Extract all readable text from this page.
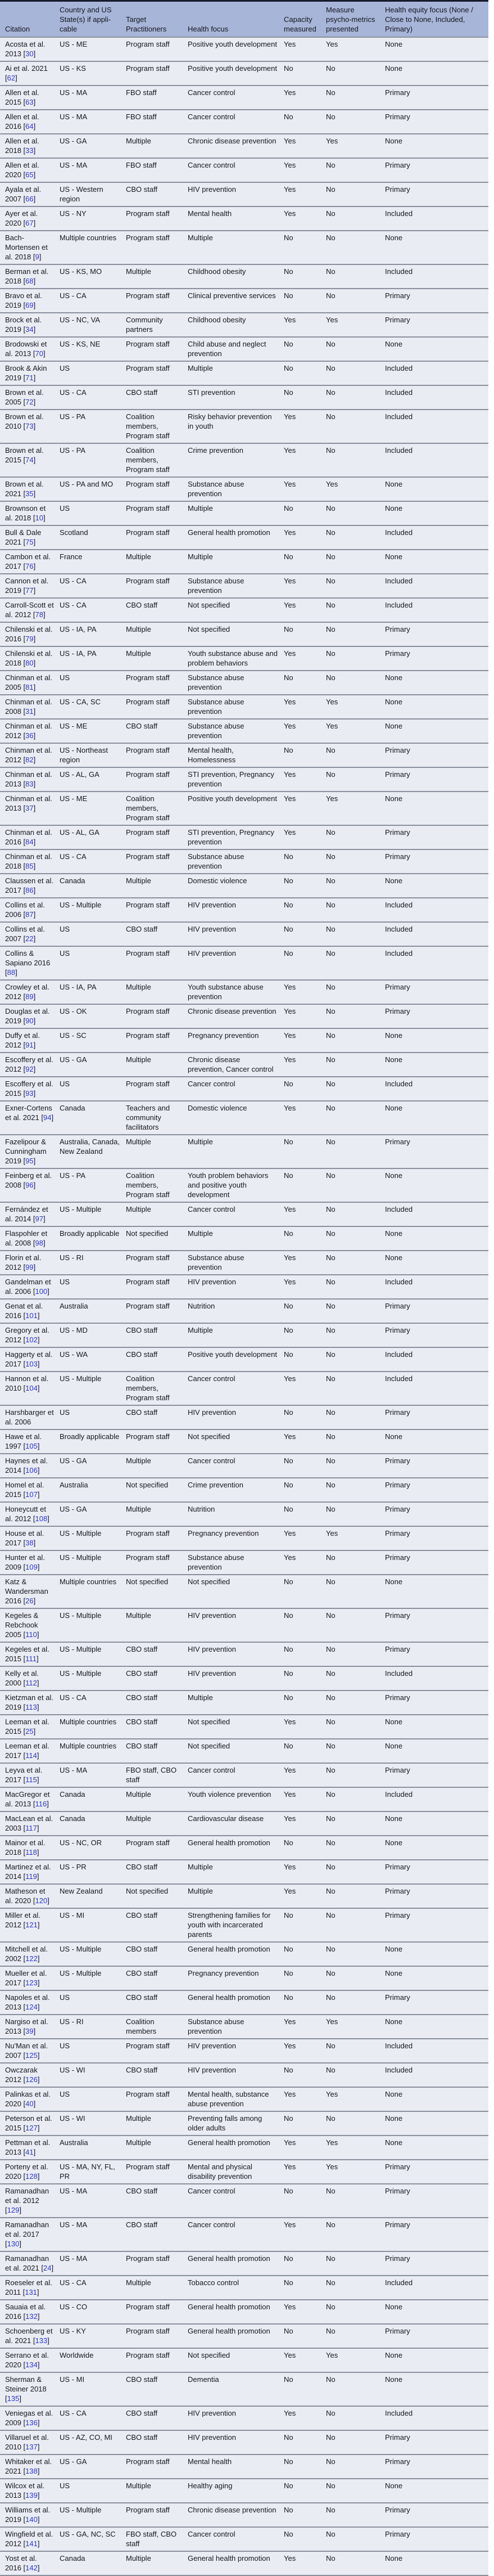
Citation	Country and US State(s) if applicable	Target Practitioners	Health focus	Capacity measured	Measure psycho-metrics presented	Health equity focus (None / Close to None, Included, Primary)
Acosta et al. 2013 [30]	US - ME	Program staff	Positive youth development	Yes	Yes	None
Ai et al. 2021 [62]	US - KS	Program staff	Positive youth development	No	No	None
Allen et al. 2015 [63]	US - MA	FBO staff	Cancer control	Yes	No	Primary
Allen et al. 2016 [64]	US - MA	FBO staff	Cancer control	No	No	Primary
Allen et al. 2018 [33]	US - GA	Multiple	Chronic disease prevention	Yes	Yes	None
Allen et al. 2020 [65]	US - MA	FBO staff	Cancer control	Yes	No	Primary
Ayala et al. 2007 [66]	US - Western region	CBO staff	HIV prevention	Yes	No	Primary
Ayer et al. 2020 [67]	US - NY	Program staff	Mental health	Yes	No	Included
Bach-Mortensen et al. 2018 [9]	Multiple countries	Program staff	Multiple	No	No	None
Berman et al. 2018 [68]	US - KS, MO	Multiple	Childhood obesity	No	No	Included
Bravo et al. 2019 [69]	US - CA	Program staff	Clinical preventive services	No	No	Primary
Brock et al. 2019 [34]	US - NC, VA	Community partners	Childhood obesity	Yes	Yes	Primary
Brodowski et al. 2013 [70]	US - KS, NE	Program staff	Child abuse and neglect prevention	No	No	None
Brook & Akin 2019 [71]	US	Program staff	Multiple	No	No	Included
Brown et al. 2005 [72]	US - CA	CBO staff	STI prevention	No	No	Included
Brown et al. 2010 [73]	US - PA	Coalition members, Program staff	Risky behavior prevention in youth	Yes	No	Included
Brown et al. 2015 [74]	US - PA	Coalition members, Program staff	Crime prevention	Yes	No	Included
Brown et al. 2021 [35]	US - PA and MO	Program staff	Substance abuse prevention	Yes	Yes	None
Brownson et al. 2018 [10]	US	Program staff	Multiple	No	No	None
Bull & Dale 2021 [75]	Scotland	Program staff	General health promotion	Yes	No	Included
Cambon et al. 2017 [76]	France	Multiple	Multiple	No	No	None
Cannon et al. 2019 [77]	US - CA	Program staff	Substance abuse prevention	Yes	No	Included
Carroll-Scott et al. 2012 [78]	US - CA	CBO staff	Not specified	Yes	No	Included
Chilenski et al. 2016 [79]	US - IA, PA	Multiple	Not specified	No	No	Primary
Chilenski et al. 2018 [80]	US - IA, PA	Multiple	Youth substance abuse and problem behaviors	Yes	No	Primary
Chinman et al. 2005 [81]	US	Program staff	Substance abuse prevention	No	No	None
Chinman et al. 2008 [31]	US - CA, SC	Program staff	Substance abuse prevention	Yes	Yes	None
Chinman et al. 2012 [36]	US - ME	CBO staff	Substance abuse prevention	Yes	Yes	None
Chinman et al. 2012 [82]	US - Northeast region	Program staff	Mental health, Homelessness	No	No	Primary
Chinman et al. 2013 [83]	US - AL, GA	Program staff	STI prevention, Pregnancy prevention	Yes	No	Primary
Chinman et al. 2013 [37]	US - ME	Coalition members, Program staff	Positive youth development	Yes	Yes	None
Chinman et al. 2016 [84]	US - AL, GA	Program staff	STI prevention, Pregnancy prevention	Yes	No	Primary
Chinman et al. 2018 [85]	US - CA	Program staff	Substance abuse prevention	No	No	Primary
Claussen et al. 2017 [86]	Canada	Multiple	Domestic violence	No	No	None
Collins et al. 2006 [87]	US - Multiple	Program staff	HIV prevention	No	No	Included
Collins et al. 2007 [22]	US	CBO staff	HIV prevention	No	No	Included
Collins & Sapiano 2016 [88]	US	Program staff	HIV prevention	No	No	Included
Crowley et al. 2012 [89]	US - IA, PA	Multiple	Youth substance abuse prevention	Yes	No	Primary
Douglas et al. 2019 [90]	US - OK	Program staff	Chronic disease prevention	Yes	No	Primary
Duffy et al. 2012 [91]	US - SC	Program staff	Pregnancy prevention	Yes	No	None
Escoffery et al. 2012 [92]	US - GA	Multiple	Chronic disease prevention, Cancer control	Yes	No	None
Escoffery et al. 2015 [93]	US	Program staff	Cancer control	No	No	Included
Exner-Cortens et al. 2021 [94]	Canada	Teachers and community facilitators	Domestic violence	Yes	No	None
Fazelipour & Cunningham 2019 [95]	Australia, Canada, New Zealand	Multiple	Multiple	No	No	Primary
Feinberg et al. 2008 [96]	US - PA	Coalition members, Program staff	Youth problem behaviors and positive youth development	No	No	None
Fernández et al. 2014 [97]	US - Multiple	Multiple	Cancer control	Yes	No	Included
Flaspohler et al. 2008 [98]	Broadly applicable	Not specified	Multiple	No	No	None
Florin et al. 2012 [99]	US - RI	Program staff	Substance abuse prevention	Yes	No	None
Gandelman et al. 2006 [100]	US	Program staff	HIV prevention	Yes	No	Included
Genat et al. 2016 [101]	Australia	Program staff	Nutrition	No	No	Primary
Gregory et al. 2012 [102]	US - MD	CBO staff	Multiple	No	No	Primary
Haggerty et al. 2017 [103]	US - WA	CBO staff	Positive youth development	No	No	Included
Hannon et al. 2010 [104]	US - Multiple	Coalition members, Program staff	Cancer control	Yes	No	Included
Harshbarger et al. 2006	US	CBO staff	HIV prevention	No	No	Primary
Hawe et al. 1997 [105]	Broadly applicable	Program staff	Not specified	Yes	No	None
Haynes et al. 2014 [106]	US - GA	Multiple	Cancer control	No	No	Primary
Homel et al. 2015 [107]	Australia	Not specified	Crime prevention	No	No	Primary
Honeycutt et al. 2012 [108]	US - GA	Multiple	Nutrition	No	No	Primary
House et al. 2017 [38]	US - Multiple	Program staff	Pregnancy prevention	Yes	Yes	Primary
Hunter et al. 2009 [109]	US - Multiple	Program staff	Substance abuse prevention	Yes	No	Primary
Katz & Wandersman 2016 [26]	Multiple countries	Not specified	Not specified	No	No	None
Kegeles & Rebchook 2005 [110]	US - Multiple	Multiple	HIV prevention	No	No	Primary
Kegeles et al. 2015 [111]	US - Multiple	CBO staff	HIV prevention	No	No	Primary
Kelly et al. 2000 [112]	US - Multiple	CBO staff	HIV prevention	No	No	Included
Kietzman et al. 2019 [113]	US - CA	CBO staff	Multiple	No	No	Primary
Leeman et al. 2015 [25]	Multiple countries	CBO staff	Not specified	Yes	No	None
Leeman et al. 2017 [114]	Multiple countries	CBO staff	Not specified	No	No	None
Leyva et al. 2017 [115]	US - MA	FBO staff, CBO staff	Cancer control	Yes	No	Primary
MacGregor et al. 2013 [116]	Canada	Multiple	Youth violence prevention	Yes	No	Included
MacLean et al. 2003 [117]	Canada	Multiple	Cardiovascular disease	Yes	No	None
Mainor et al. 2018 [118]	US - NC, OR	Program staff	General health promotion	No	No	None
Martinez et al. 2014 [119]	US - PR	CBO staff	Multiple	Yes	No	Primary
Matheson et al. 2020 [120]	New Zealand	Not specified	Multiple	Yes	No	Primary
Miller et al. 2012 [121]	US - MI	CBO staff	Strengthening families for youth with incarcerated parents	No	No	Primary
Mitchell et al. 2002 [122]	US - Multiple	CBO staff	General health promotion	No	No	None
Mueller et al. 2017 [123]	US - Multiple	CBO staff	Pregnancy prevention	No	No	None
Napoles et al. 2013 [124]	US	CBO staff	General health promotion	No	No	Primary
Nargiso et al. 2013 [39]	US - RI	Coalition members	Substance abuse prevention	Yes	Yes	None
Nu'Man et al. 2007 [125]	US	Program staff	HIV prevention	Yes	No	Included
Owczarak 2012 [126]	US - WI	CBO staff	HIV prevention	No	No	Included
Palinkas et al. 2020 [40]	US	Program staff	Mental health, substance abuse prevention	Yes	Yes	None
Peterson et al. 2015 [127]	US - WI	Multiple	Preventing falls among older adults	No	No	None
Pettman et al. 2013 [41]	Australia	Multiple	General health promotion	Yes	Yes	None
Porteny et al. 2020 [128]	US - MA, NY, FL, PR	Program staff	Mental and physical disability prevention	Yes	Yes	Primary
Ramanadhan et al. 2012 [129]	US - MA	CBO staff	Cancer control	No	No	Primary
Ramanadhan et al. 2017 [130]	US - MA	CBO staff	Cancer control	Yes	No	Primary
Ramanadhan et al. 2021 [24]	US - MA	Program staff	General health promotion	No	No	Primary
Roeseler et al. 2011 [131]	US - CA	Multiple	Tobacco control	No	No	Included
Sauaia et al. 2016 [132]	US - CO	Program staff	General health promotion	Yes	No	None
Schoenberg et al. 2021 [133]	US - KY	Program staff	General health promotion	No	No	Primary
Serrano et al. 2020 [134]	Worldwide	Program staff	Not specified	Yes	Yes	None
Sherman & Steiner 2018 [135]	US - MI	CBO staff	Dementia	No	No	None
Veniegas et al. 2009 [136]	US - CA	CBO staff	HIV prevention	Yes	No	Included
Villaruel et al. 2010 [137]	US - AZ, CO, MI	CBO staff	HIV prevention	No	No	Primary
Whitaker et al. 2021 [138]	US - GA	Program staff	Mental health	No	No	Primary
Wilcox et al. 2013 [139]	US	Multiple	Healthy aging	No	No	None
Williams et al. 2019 [140]	US - Multiple	Program staff	Chronic disease prevention	No	No	Primary
Wingfield et al. 2012 [141]	US - GA, NC, SC	FBO staff, CBO staff	Cancer control	No	No	Primary
Yost et al. 2016 [142]	Canada	Multiple	General health promotion	Yes	No	None
